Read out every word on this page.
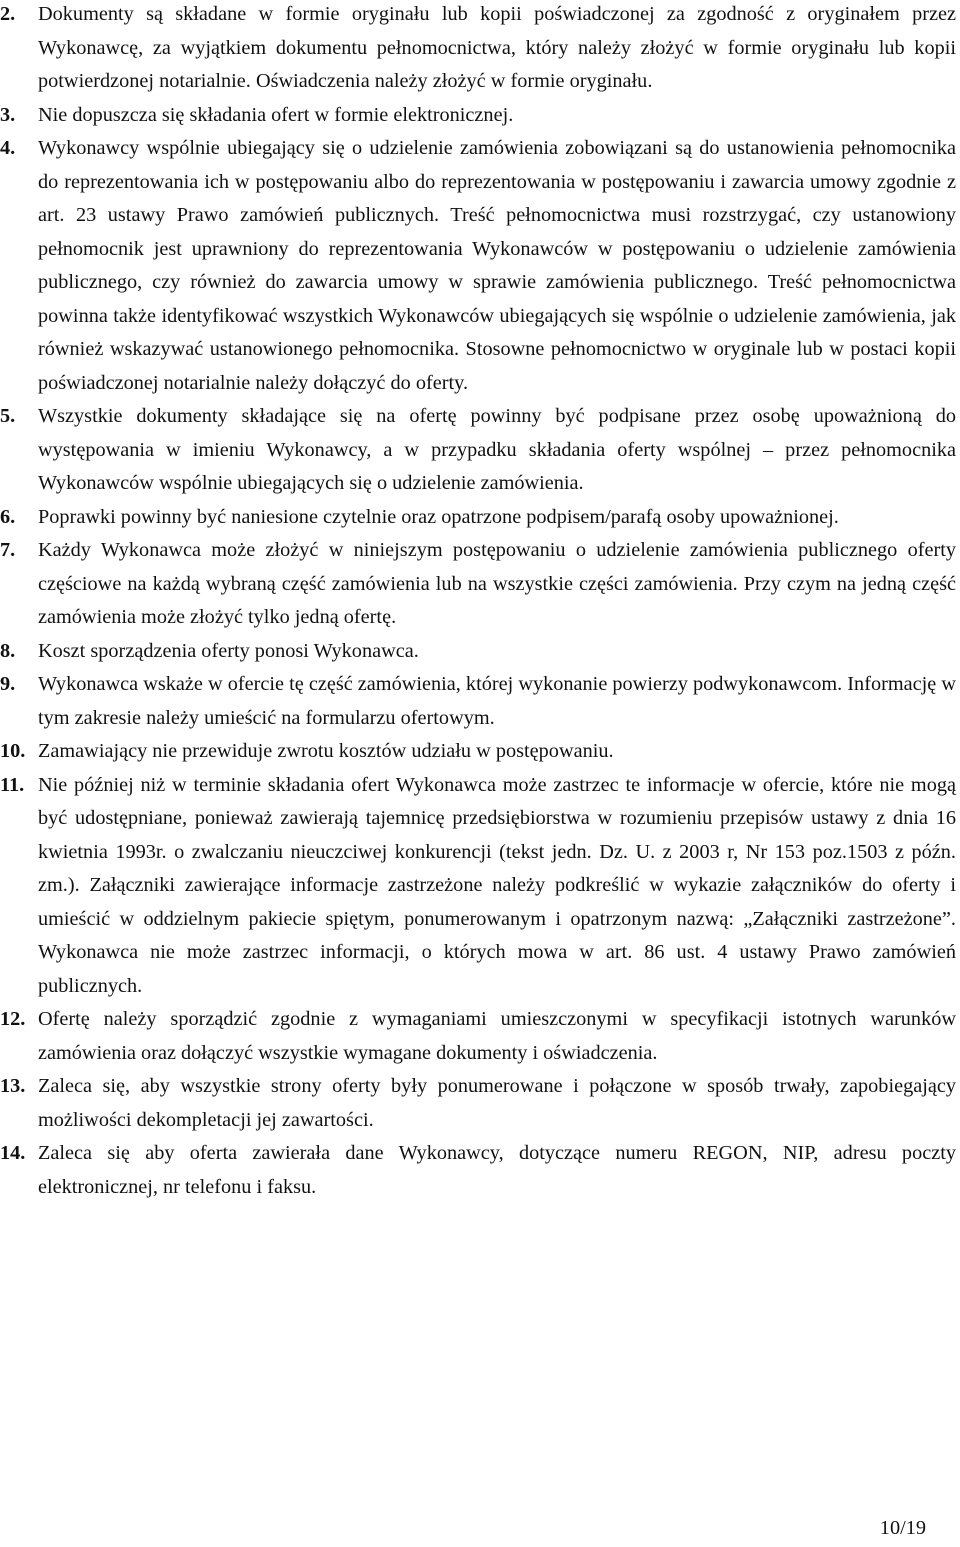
2.	Dokumenty są składane w formie oryginału lub kopii poświadczonej za zgodność z oryginałem przez Wykonawcę, za wyjątkiem dokumentu pełnomocnictwa, który należy złożyć w formie oryginału lub kopii potwierdzonej notarialnie. Oświadczenia należy złożyć w formie oryginału.

3.	Nie dopuszcza się składania ofert w formie elektronicznej.

4.	Wykonawcy wspólnie ubiegający się o udzielenie zamówienia zobowiązani są do ustanowienia pełnomocnika do reprezentowania ich w postępowaniu albo do reprezentowania w postępowaniu i zawarcia umowy zgodnie z art. 23 ustawy Prawo zamówień publicznych. Treść pełnomocnictwa musi rozstrzygać, czy ustanowiony pełnomocnik jest uprawniony do reprezentowania Wykonawców w postępowaniu o udzielenie zamówienia publicznego, czy również do zawarcia umowy w sprawie zamówienia publicznego. Treść pełnomocnictwa powinna także identyfikować wszystkich Wykonawców ubiegających się wspólnie o udzielenie zamówienia, jak również wskazywać ustanowionego pełnomocnika. Stosowne pełnomocnictwo w oryginale lub w postaci kopii poświadczonej notarialnie należy dołączyć do oferty.

5.	Wszystkie dokumenty składające się na ofertę powinny być podpisane przez osobę upoważnioną do występowania w imieniu Wykonawcy, a w przypadku składania oferty wspólnej – przez pełnomocnika Wykonawców wspólnie ubiegających się o udzielenie zamówienia.

6.	Poprawki powinny być naniesione czytelnie oraz opatrzone podpisem/parafą osoby upoważnionej.

7.	Każdy Wykonawca może złożyć w niniejszym postępowaniu o udzielenie zamówienia publicznego oferty częściowe na każdą wybraną część zamówienia lub na wszystkie części zamówienia. Przy czym na jedną część zamówienia może złożyć tylko jedną ofertę.

8.	Koszt sporządzenia oferty ponosi Wykonawca.

9.	Wykonawca wskaże w ofercie tę część zamówienia, której wykonanie powierzy podwykonawcom. Informację w tym zakresie należy umieścić na formularzu ofertowym.

10. Zamawiający nie przewiduje zwrotu kosztów udziału w postępowaniu.

11. Nie później niż w terminie składania ofert Wykonawca może zastrzec te informacje w ofercie, które nie mogą być udostępniane, ponieważ zawierają tajemnicę przedsiębiorstwa w rozumieniu przepisów ustawy z dnia 16 kwietnia 1993r. o zwalczaniu nieuczciwej konkurencji (tekst jedn. Dz. U. z 2003 r, Nr 153 poz.1503 z późn. zm.). Załączniki zawierające informacje zastrzeżone należy podkreślić w wykazie załączników do oferty i umieścić w oddzielnym pakiecie spiętym, ponumerowanym i opatrzonym nazwą: „Załączniki zastrzeżone”. Wykonawca nie może zastrzec informacji, o których mowa w art. 86 ust. 4 ustawy Prawo zamówień publicznych.

12. Ofertę należy sporządzić zgodnie z wymaganiami umieszczonymi w specyfikacji istotnych warunków zamówienia oraz dołączyć wszystkie wymagane dokumenty i oświadczenia.

13. Zaleca się, aby wszystkie strony oferty były ponumerowane i połączone w sposób trwały, zapobiegający możliwości dekompletacji jej zawartości.

14. Zaleca się aby oferta zawierała dane Wykonawcy, dotyczące numeru REGON, NIP, adresu poczty elektronicznej, nr telefonu i faksu.

10/19
